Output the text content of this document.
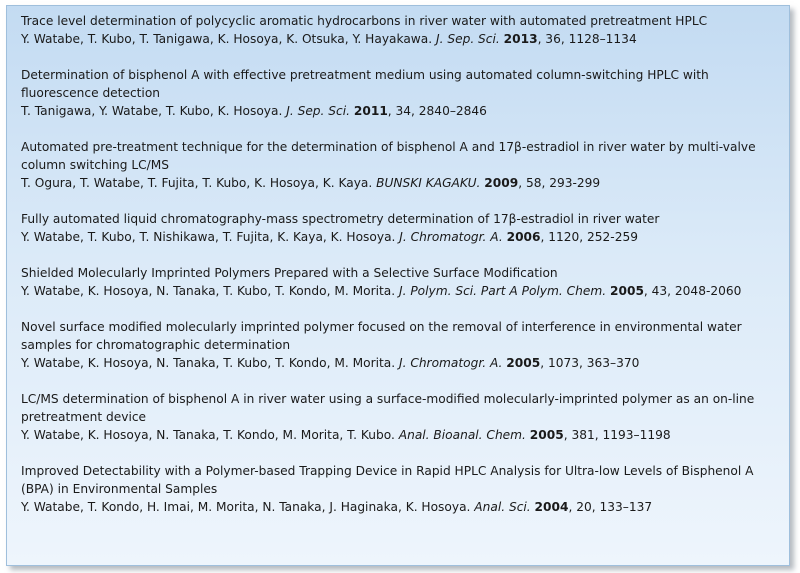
Trace level determination of polycyclic aromatic hydrocarbons in river water with automated pretreatment HPLC
Y. Watabe, T. Kubo, T. Tanigawa, K. Hosoya, K. Otsuka, Y. Hayakawa. J. Sep. Sci. 2013, 36, 1128–1134
Determination of bisphenol A with effective pretreatment medium using automated column-switching HPLC with fluorescence detection
T. Tanigawa, Y. Watabe, T. Kubo, K. Hosoya. J. Sep. Sci. 2011, 34, 2840–2846
Automated pre-treatment technique for the determination of bisphenol A and 17β-estradiol in river water by multi-valve column switching LC/MS
T. Ogura, T. Watabe, T. Fujita, T. Kubo, K. Hosoya, K. Kaya. BUNSKI KAGAKU. 2009, 58, 293-299
Fully automated liquid chromatography-mass spectrometry determination of 17β-estradiol in river water
Y. Watabe, T. Kubo, T. Nishikawa, T. Fujita, K. Kaya, K. Hosoya. J. Chromatogr. A. 2006, 1120, 252-259
Shielded Molecularly Imprinted Polymers Prepared with a Selective Surface Modification
Y. Watabe, K. Hosoya, N. Tanaka, T. Kubo, T. Kondo, M. Morita. J. Polym. Sci. Part A Polym. Chem. 2005, 43, 2048-2060
Novel surface modified molecularly imprinted polymer focused on the removal of interference in environmental water samples for chromatographic determination
Y. Watabe, K. Hosoya, N. Tanaka, T. Kubo, T. Kondo, M. Morita. J. Chromatogr. A. 2005, 1073, 363–370
LC/MS determination of bisphenol A in river water using a surface-modified molecularly-imprinted polymer as an on-line pretreatment device
Y. Watabe, K. Hosoya, N. Tanaka, T. Kondo, M. Morita, T. Kubo. Anal. Bioanal. Chem. 2005, 381, 1193–1198
Improved Detectability with a Polymer-based Trapping Device in Rapid HPLC Analysis for Ultra-low Levels of Bisphenol A (BPA) in Environmental Samples
Y. Watabe, T. Kondo, H. Imai, M. Morita, N. Tanaka, J. Haginaka, K. Hosoya. Anal. Sci. 2004, 20, 133–137
